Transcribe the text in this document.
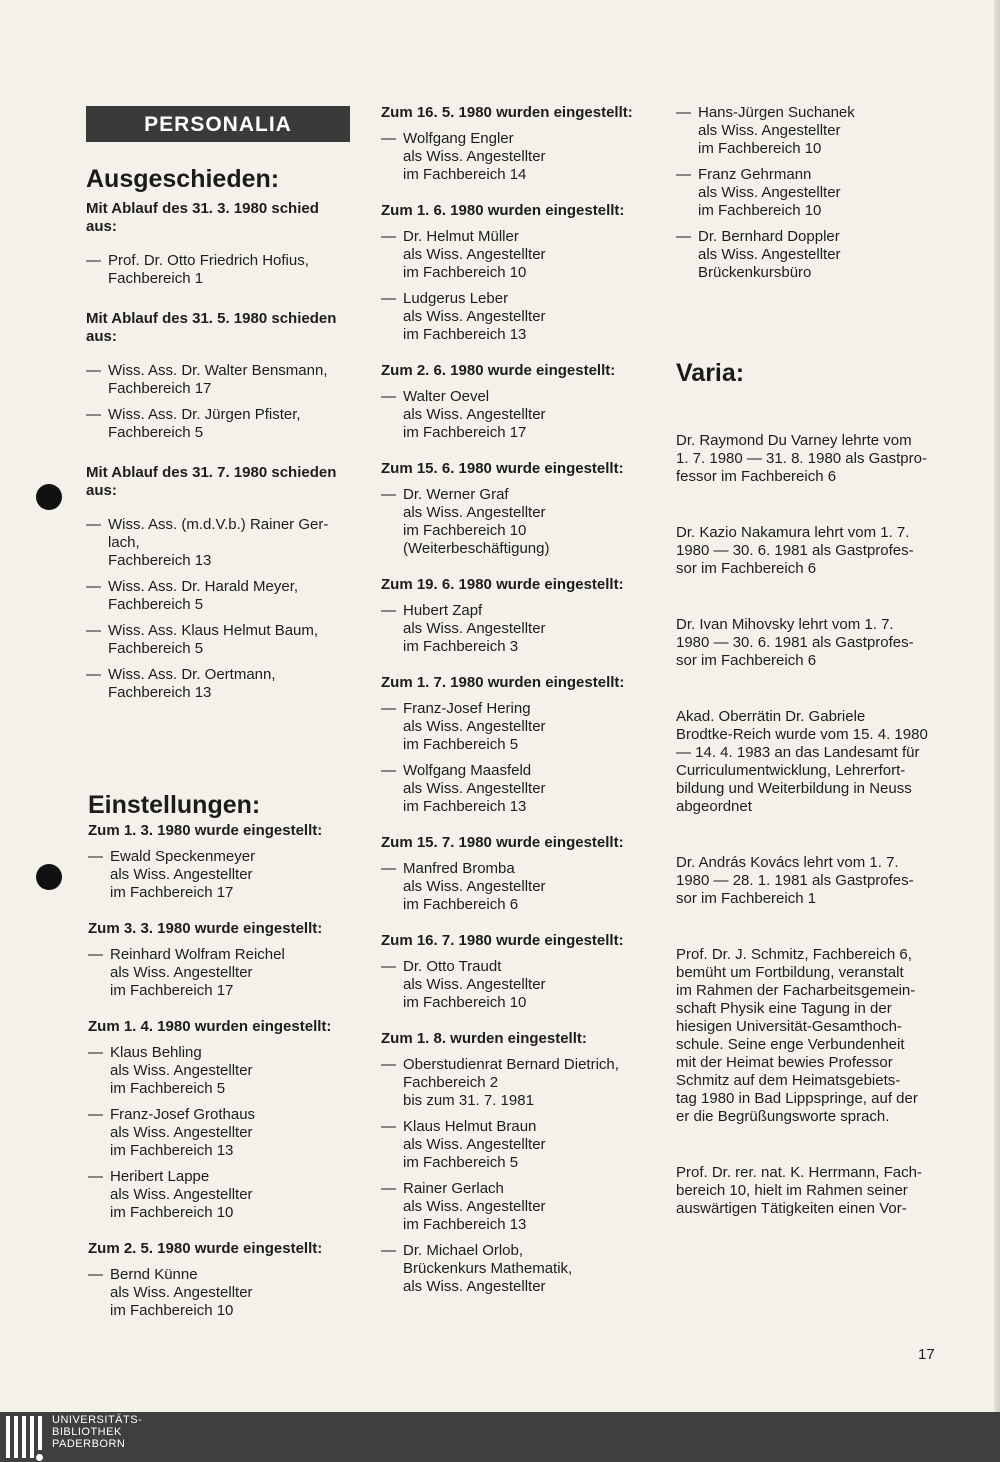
PERSONALIA
Ausgeschieden:
Mit Ablauf des 31. 3. 1980 schied
aus:
— Prof. Dr. Otto Friedrich Hofius,
Fachbereich 1
Mit Ablauf des 31. 5. 1980 schieden
aus:
— Wiss. Ass. Dr. Walter Bensmann,
Fachbereich 17
— Wiss. Ass. Dr. Jürgen Pfister,
Fachbereich 5
Mit Ablauf des 31. 7. 1980 schieden
aus:
— Wiss. Ass. (m.d.V.b.) Rainer Ger-
lach,
Fachbereich 13
— Wiss. Ass. Dr. Harald Meyer,
Fachbereich 5
— Wiss. Ass. Klaus Helmut Baum,
Fachbereich 5
— Wiss. Ass. Dr. Oertmann,
Fachbereich 13
Einstellungen:
Zum 1. 3. 1980 wurde eingestellt:
— Ewald Speckenmeyer
als Wiss. Angestellter
im Fachbereich 17
Zum 3. 3. 1980 wurde eingestellt:
— Reinhard Wolfram Reichel
als Wiss. Angestellter
im Fachbereich 17
Zum 1. 4. 1980 wurden eingestellt:
— Klaus Behling
als Wiss. Angestellter
im Fachbereich 5
— Franz-Josef Grothaus
als Wiss. Angestellter
im Fachbereich 13
— Heribert Lappe
als Wiss. Angestellter
im Fachbereich 10
Zum 2. 5. 1980 wurde eingestellt:
— Bernd Künne
als Wiss. Angestellter
im Fachbereich 10
Zum 16. 5. 1980 wurden eingestellt:
— Wolfgang Engler
als Wiss. Angestellter
im Fachbereich 14
Zum 1. 6. 1980 wurden eingestellt:
— Dr. Helmut Müller
als Wiss. Angestellter
im Fachbereich 10
— Ludgerus Leber
als Wiss. Angestellter
im Fachbereich 13
Zum 2. 6. 1980 wurde eingestellt:
— Walter Oevel
als Wiss. Angestellter
im Fachbereich 17
Zum 15. 6. 1980 wurde eingestellt:
— Dr. Werner Graf
als Wiss. Angestellter
im Fachbereich 10
(Weiterbeschäftigung)
Zum 19. 6. 1980 wurde eingestellt:
— Hubert Zapf
als Wiss. Angestellter
im Fachbereich 3
Zum 1. 7. 1980 wurden eingestellt:
— Franz-Josef Hering
als Wiss. Angestellter
im Fachbereich 5
— Wolfgang Maasfeld
als Wiss. Angestellter
im Fachbereich 13
Zum 15. 7. 1980 wurde eingestellt:
— Manfred Bromba
als Wiss. Angestellter
im Fachbereich 6
Zum 16. 7. 1980 wurde eingestellt:
— Dr. Otto Traudt
als Wiss. Angestellter
im Fachbereich 10
Zum 1. 8. wurden eingestellt:
— Oberstudienrat Bernard Dietrich,
Fachbereich 2
bis zum 31. 7. 1981
— Klaus Helmut Braun
als Wiss. Angestellter
im Fachbereich 5
— Rainer Gerlach
als Wiss. Angestellter
im Fachbereich 13
— Dr. Michael Orlob,
Brückenkurs Mathematik,
als Wiss. Angestellter
— Hans-Jürgen Suchanek
als Wiss. Angestellter
im Fachbereich 10
— Franz Gehrmann
als Wiss. Angestellter
im Fachbereich 10
— Dr. Bernhard Doppler
als Wiss. Angestellter
Brückenkursbüro
Varia:
Dr. Raymond Du Varney lehrte vom
1. 7. 1980 — 31. 8. 1980 als Gastpro-
fessor im Fachbereich 6
Dr. Kazio Nakamura lehrt vom 1. 7.
1980 — 30. 6. 1981 als Gastprofes-
sor im Fachbereich 6
Dr. Ivan Mihovsky lehrt vom 1. 7.
1980 — 30. 6. 1981 als Gastprofes-
sor im Fachbereich 6
Akad. Oberrätin Dr. Gabriele
Brodtke-Reich wurde vom 15. 4. 1980
— 14. 4. 1983 an das Landesamt für
Curriculumentwicklung, Lehrerfort-
bildung und Weiterbildung in Neuss
abgeordnet
Dr. András Kovács lehrt vom 1. 7.
1980 — 28. 1. 1981 als Gastprofes-
sor im Fachbereich 1
Prof. Dr. J. Schmitz, Fachbereich 6,
bemüht um Fortbildung, veranstalt
im Rahmen der Facharbeitsgemein-
schaft Physik eine Tagung in der
hiesigen Universität-Gesamthoch-
schule. Seine enge Verbundenheit
mit der Heimat bewies Professor
Schmitz auf dem Heimatsgebiets-
tag 1980 in Bad Lippspringe, auf der
er die Begrüßungsworte sprach.
Prof. Dr. rer. nat. K. Herrmann, Fach-
bereich 10, hielt im Rahmen seiner
auswärtigen Tätigkeiten einen Vor-
17
UNIVERSITÄTS-
BIBLIOTHEK
PADERBORN
